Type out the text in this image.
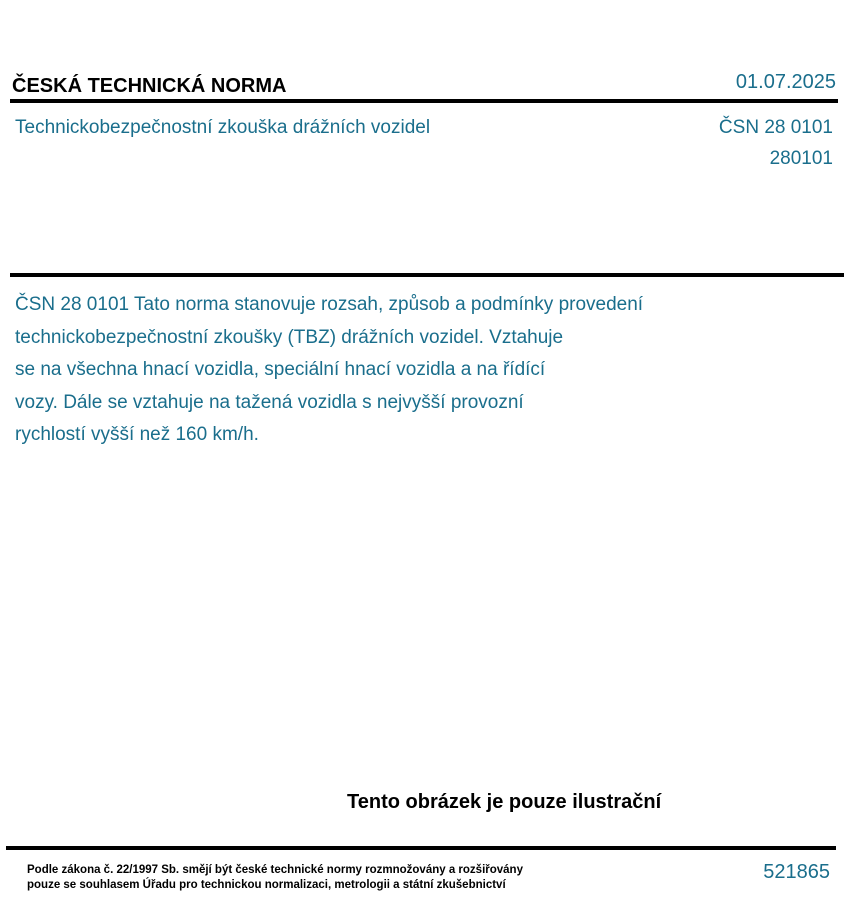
ČESKÁ TECHNICKÁ NORMA	01.07.2025
Technickobezpečnostní zkouška drážních vozidel	ČSN 28 0101
280101

ČSN 28 0101 Tato norma stanovuje rozsah, způsob a podmínky provedení
technickobezpečnostní zkoušky (TBZ) drážních vozidel. Vztahuje
se na všechna hnací vozidla, speciální hnací vozidla a na řídící
vozy. Dále se vztahuje na tažená vozidla s nejvyšší provozní
rychlostí vyšší než 160 km/h.

Tento obrázek je pouze ilustrační
Podle zákona č. 22/1997 Sb. smějí být české technické normy rozmnožovány a rozšiřovány
pouze se souhlasem Úřadu pro technickou normalizaci, metrologii a státní zkušebnictví
521865
